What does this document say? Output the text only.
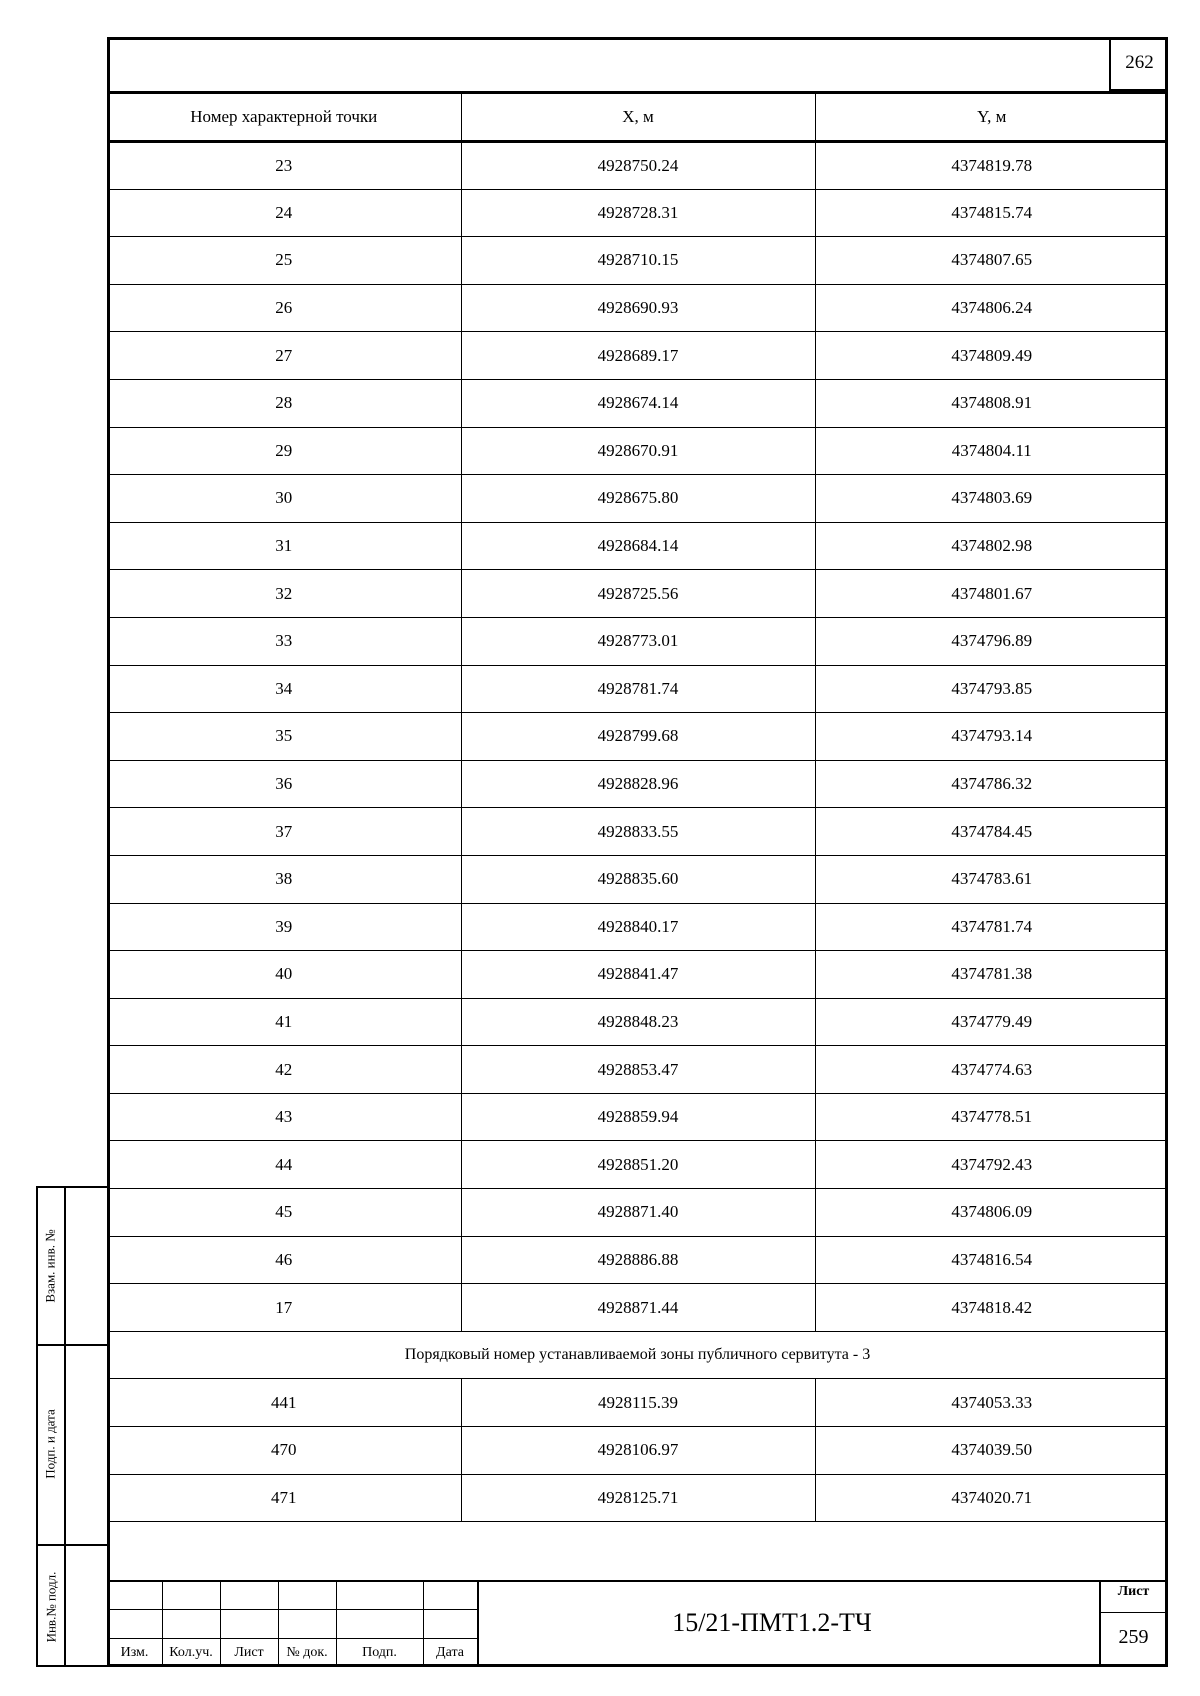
262
Номер характерной точки	X, м	Y, м
23	4928750.24	4374819.78
24	4928728.31	4374815.74
25	4928710.15	4374807.65
26	4928690.93	4374806.24
27	4928689.17	4374809.49
28	4928674.14	4374808.91
29	4928670.91	4374804.11
30	4928675.80	4374803.69
31	4928684.14	4374802.98
32	4928725.56	4374801.67
33	4928773.01	4374796.89
34	4928781.74	4374793.85
35	4928799.68	4374793.14
36	4928828.96	4374786.32
37	4928833.55	4374784.45
38	4928835.60	4374783.61
39	4928840.17	4374781.74
40	4928841.47	4374781.38
41	4928848.23	4374779.49
42	4928853.47	4374774.63
43	4928859.94	4374778.51
44	4928851.20	4374792.43
45	4928871.40	4374806.09
46	4928886.88	4374816.54
17	4928871.44	4374818.42
Порядковый номер устанавливаемой зоны публичного сервитута - 3		
441	4928115.39	4374053.33
470	4928106.97	4374039.50
471	4928125.71	4374020.71
Взам. инв. №
Подп. и дата
Инв.№ подл.
Изм.	Кол.уч.	Лист	№ док.	Подп.	Дата
15/21-ПМТ1.2-ТЧ
Лист
259
